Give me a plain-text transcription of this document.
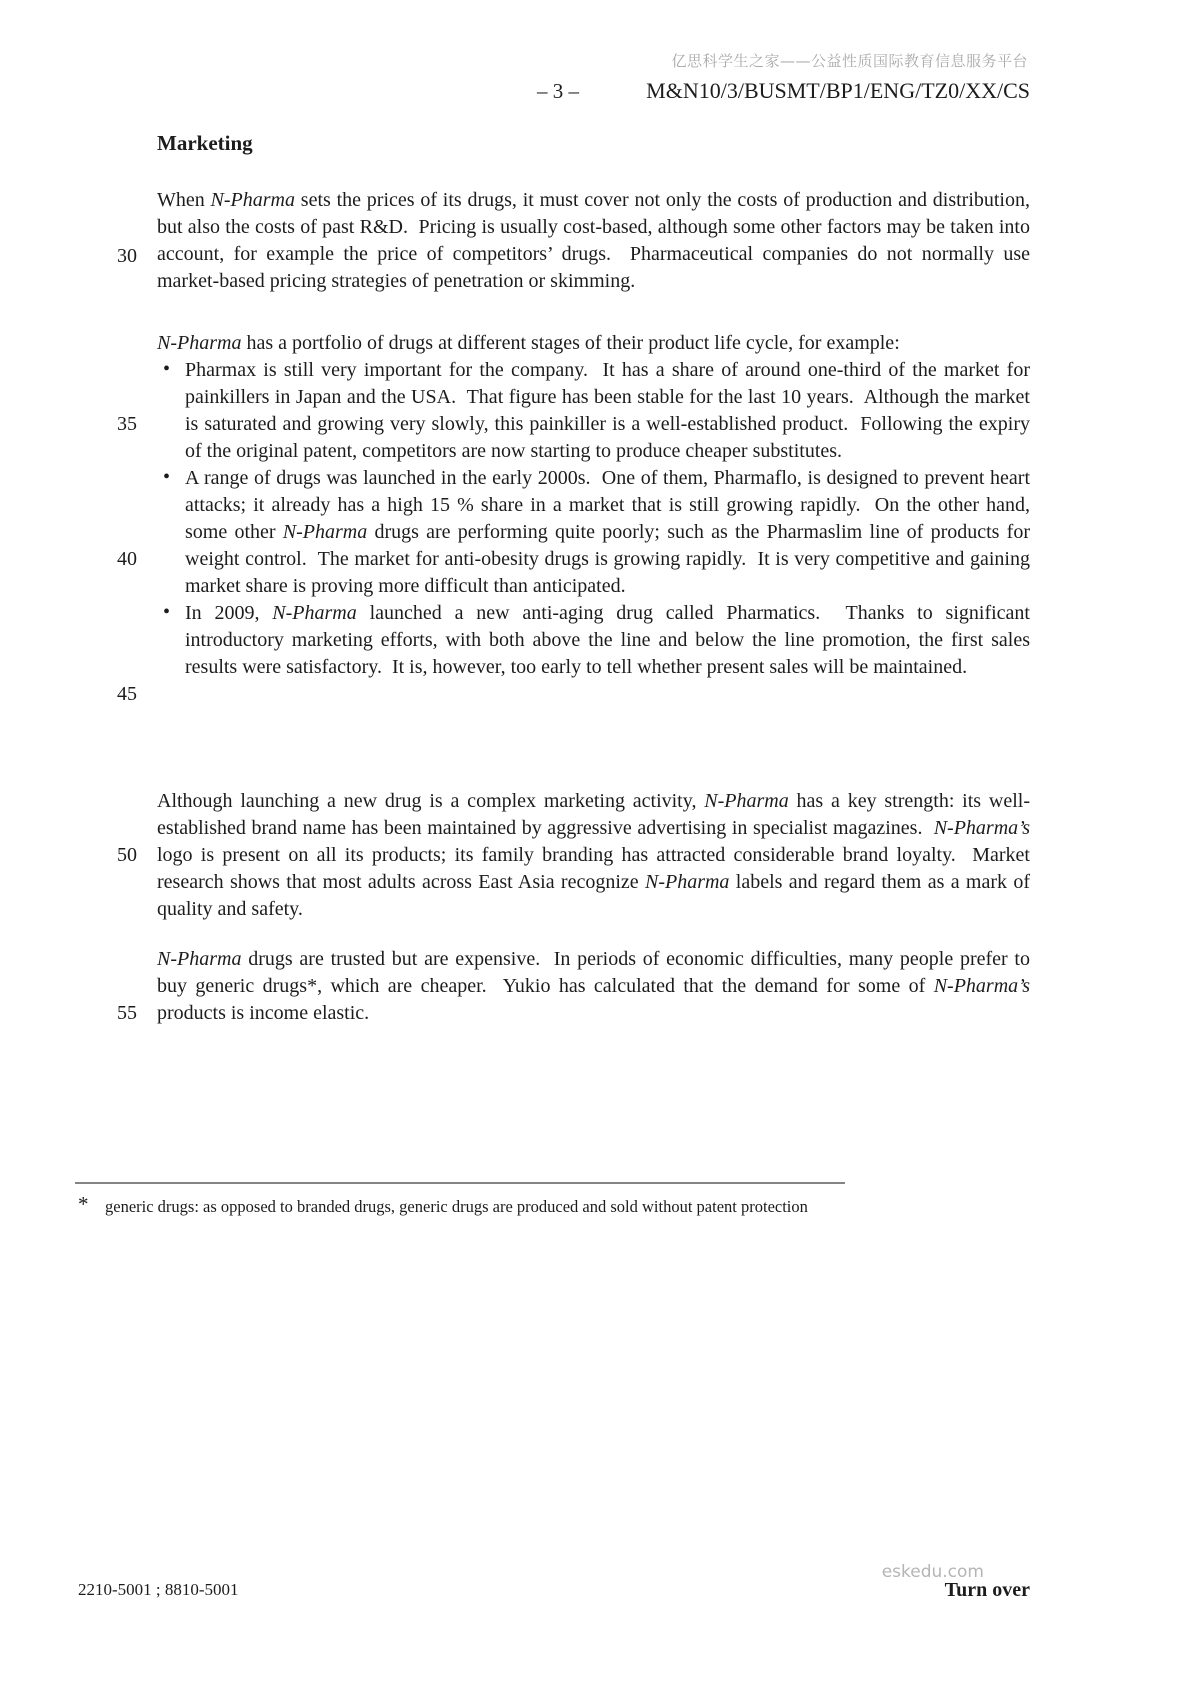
亿思科学生之家——公益性质国际教育信息服务平台
– 3 –	M&N10/3/BUSMT/BP1/ENG/TZ0/XX/CS
Marketing
30
35
40
45
50
55

When N-Pharma sets the prices of its drugs, it must cover not only the costs of production and distribution, but also the costs of past R&D.  Pricing is usually cost-based, although some other factors may be taken into account, for example the price of competitors’ drugs.  Pharmaceutical companies do not normally use market-based pricing strategies of penetration or skimming.

N-Pharma has a portfolio of drugs at different stages of their product life cycle, for example:

• Pharmax is still very important for the company.  It has a share of around one-third of the market for painkillers in Japan and the USA.  That figure has been stable for the last 10 years.  Although the market is saturated and growing very slowly, this painkiller is a well-established product.  Following the expiry of the original patent, competitors are now starting to produce cheaper substitutes.

• A range of drugs was launched in the early 2000s.  One of them, Pharmaflo, is designed to prevent heart attacks; it already has a high 15 % share in a market that is still growing rapidly.  On the other hand, some other N-Pharma drugs are performing quite poorly; such as the Pharmaslim line of products for weight control.  The market for anti-obesity drugs is growing rapidly.  It is very competitive and gaining market share is proving more difficult than anticipated.

• In 2009, N-Pharma launched a new anti-aging drug called Pharmatics.  Thanks to significant introductory marketing efforts, with both above the line and below the line promotion, the first sales results were satisfactory.  It is, however, too early to tell whether present sales will be maintained.

Although launching a new drug is a complex marketing activity, N-Pharma has a key strength: its well-established brand name has been maintained by aggressive advertising in specialist magazines.  N-Pharma’s logo is present on all its products; its family branding has attracted considerable brand loyalty.  Market research shows that most adults across East Asia recognize N-Pharma labels and regard them as a mark of quality and safety.

N-Pharma drugs are trusted but are expensive.  In periods of economic difficulties, many people prefer to buy generic drugs*, which are cheaper.  Yukio has calculated that the demand for some of N-Pharma’s products is income elastic.

* generic drugs: as opposed to branded drugs, generic drugs are produced and sold without patent protection
2210-5001 ; 8810-5001
eskedu.com
Turn over
